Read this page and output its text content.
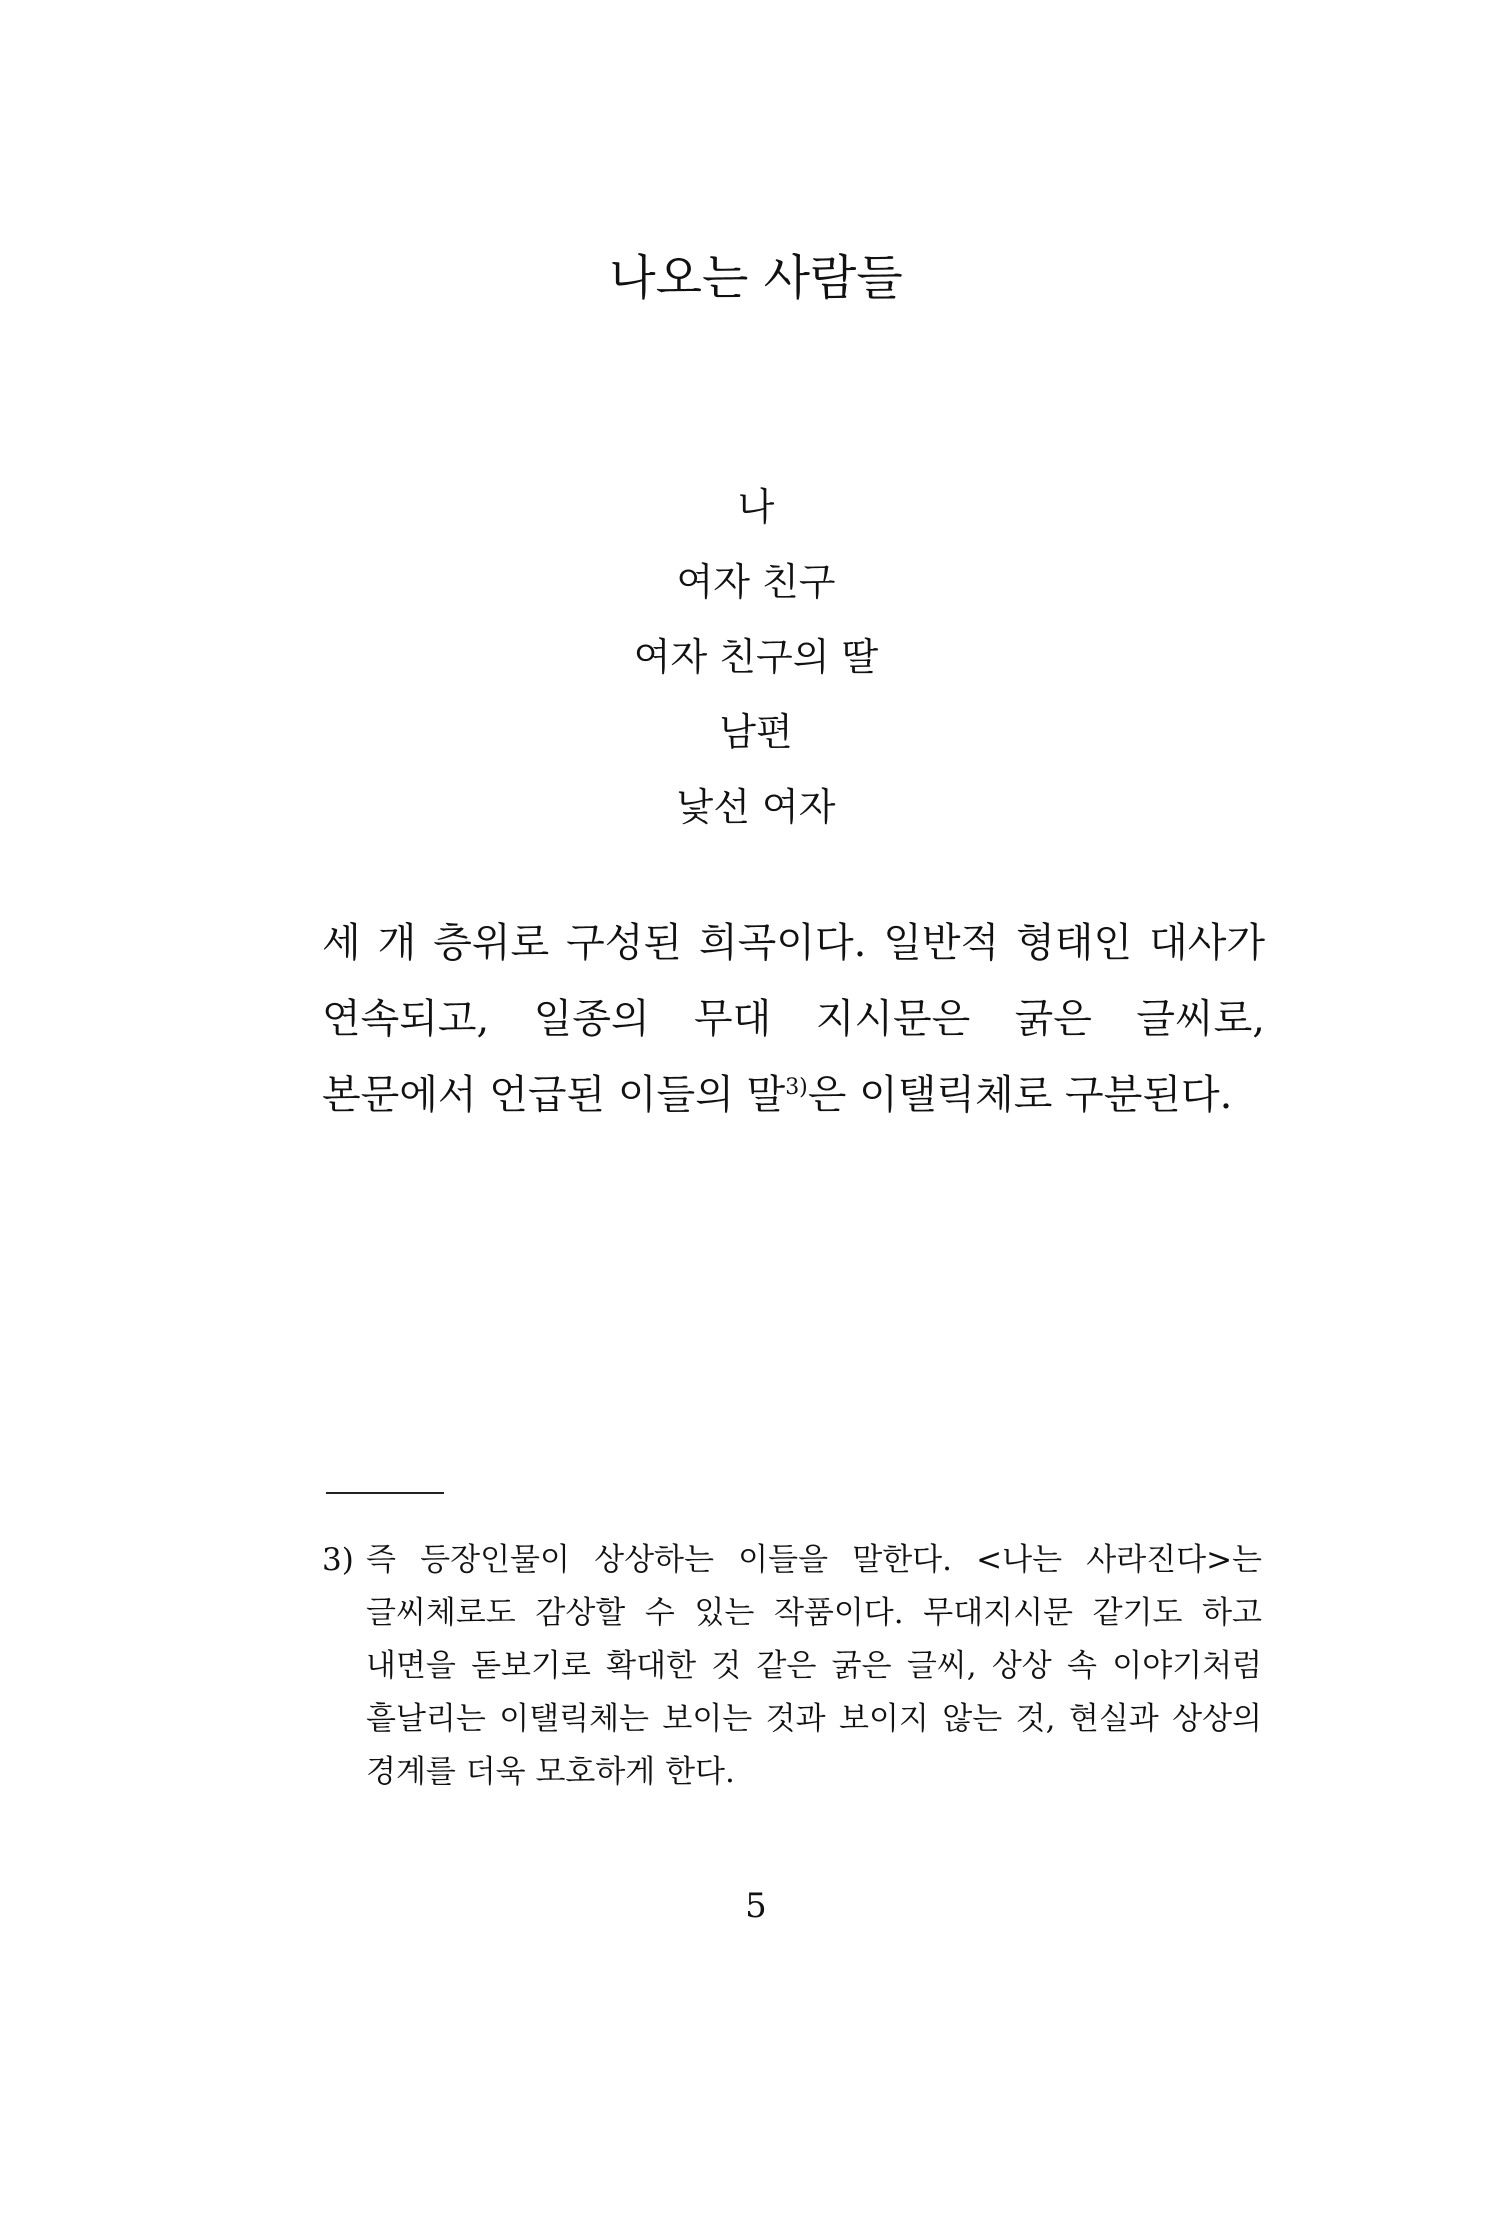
나오는 사람들
나
여자 친구
여자 친구의 딸
남편
낯선 여자

세 개 층위로 구성된 희곡이다. 일반적 형태인 대사가 연속되고, 일종의 무대 지시문은 굵은 글씨로, 본문에서 언급된 이들의 말$^{3)}$은 이탤릭체로 구분된다.

3) 즉 등장인물이 상상하는 이들을 말한다. <나는 사라진다>는 글씨체로도 감상할 수 있는 작품이다. 무대지시문 같기도 하고 내면을 돋보기로 확대한 것 같은 굵은 글씨, 상상 속 이야기처럼 흩날리는 이탤릭체는 보이는 것과 보이지 않는 것, 현실과 상상의 경계를 더욱 모호하게 한다.

5
